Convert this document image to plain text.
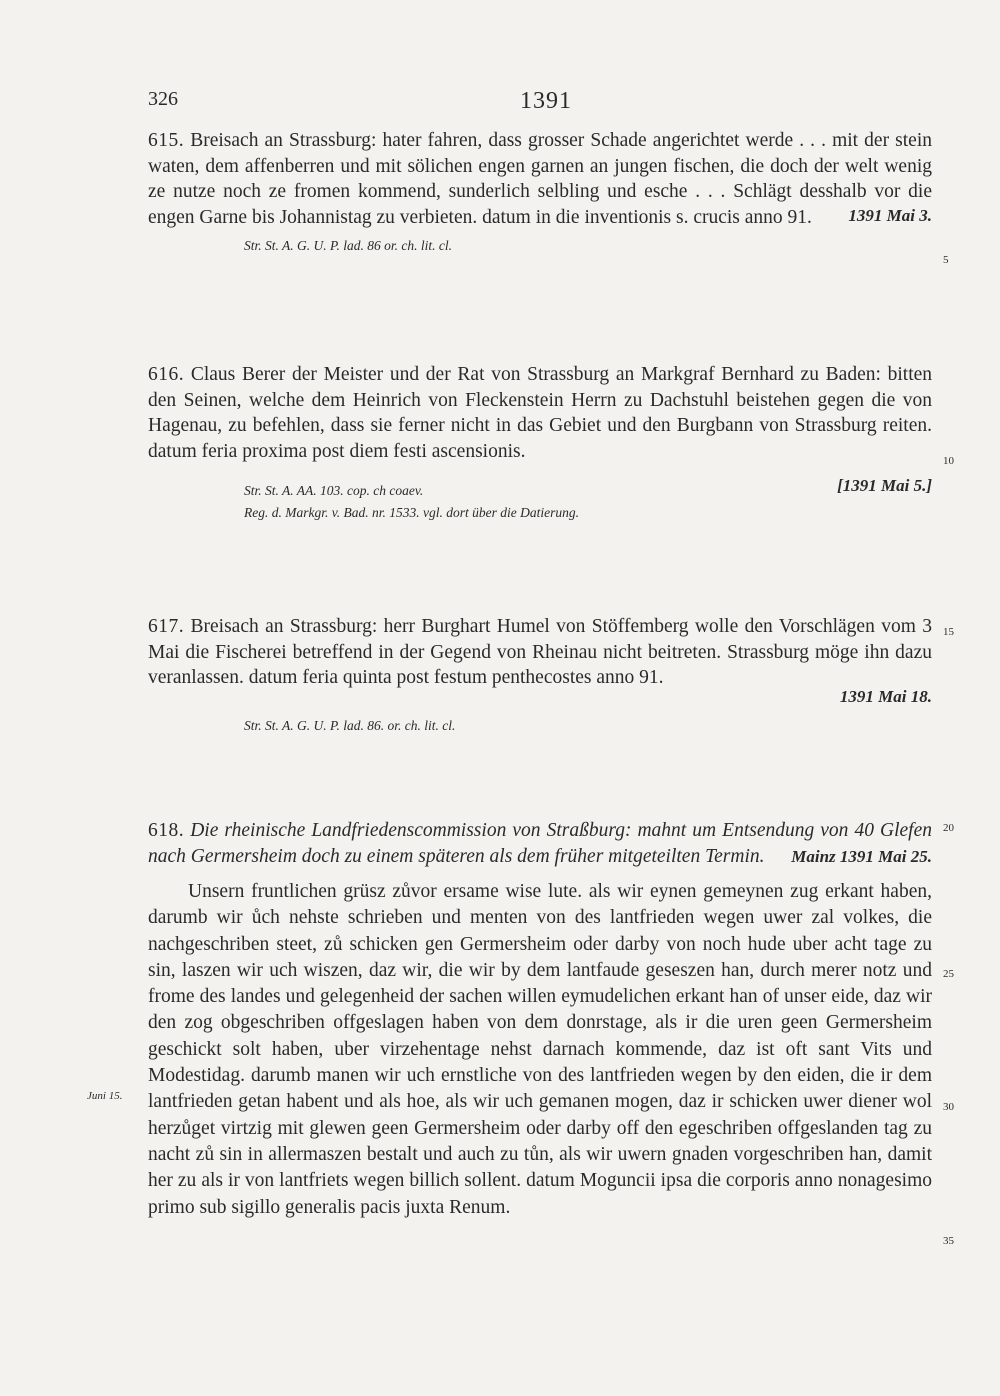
326	1391

615. Breisach an Strassburg: hater fahren, dass grosser Schade angerichtet werde . . . mit der stein waten, dem affenberren und mit sölichen engen garnen an jungen fischen, die doch der welt wenig ze nutze noch ze fromen kommend, sunderlich selbling und esche . . . Schlägt desshalb vor die engen Garne bis Johannistag zu verbieten. datum in die inventionis s. crucis anno 91.	1391 Mai 3.

Str. St. A. G. U. P. lad. 86 or. ch. lit. cl.

616. Claus Berer der Meister und der Rat von Strassburg an Markgraf Bernhard zu Baden: bitten den Seinen, welche dem Heinrich von Fleckenstein Herrn zu Dachstuhl beistehen gegen die von Hagenau, zu befehlen, dass sie ferner nicht in das Gebiet und den Burgbann von Strassburg reiten. datum feria proxima post diem festi ascensionis.

[1391 Mai 5.]

Str. St. A. AA. 103. cop. ch coaev.

Reg. d. Markgr. v. Bad. nr. 1533. vgl. dort über die Datierung.

617. Breisach an Strassburg: herr Burghart Humel von Stöffemberg wolle den Vorschlägen vom 3 Mai die Fischerei betreffend in der Gegend von Rheinau nicht beitreten. Strassburg möge ihn dazu veranlassen. datum feria quinta post festum penthecostes anno 91.

1391 Mai 18.

Str. St. A. G. U. P. lad. 86. or. ch. lit. cl.

618. Die rheinische Landfriedenscommission von Straßburg: mahnt um Entsendung von 40 Glefen nach Germersheim doch zu einem späteren als dem früher mitgeteilten Termin.	Mainz 1391 Mai 25.

Unsern fruntlichen grüsz zůvor ersame wise lute. als wir eynen gemeynen zug erkant haben, darumb wir ůch nehste schrieben und menten von des lantfrieden wegen uwer zal volkes, die nachgeschriben steet, zů schicken gen Germersheim oder darby von noch hude uber acht tage zu sin, laszen wir uch wiszen, daz wir, die wir by dem lantfaude geseszen han, durch merer notz und frome des landes und gelegenheid der sachen willen eymudelichen erkant han of unser eide, daz wir den zog obgeschriben offgeslagen haben von dem donrstage, als ir die uren geen Germersheim geschickt solt haben, uber virzehentage nehst darnach kommende, daz ist oft sant Vits und Modestidag. darumb manen wir uch ernstliche von des lantfrieden wegen by den eiden, die ir dem lantfrieden getan habent und als hoe, als wir uch gemanen mogen, daz ir schicken uwer diener wol herzůget virtzig mit glewen geen Germersheim oder darby off den egeschriben offgeslanden tag zu nacht zů sin in allermaszen bestalt und auch zu tůn, als wir uwern gnaden vorgeschriben han, damit her zu als ir von lantfriets wegen billich sollent. datum Moguncii ipsa die corporis anno nonagesimo primo sub sigillo generalis pacis juxta Renum.

5
10
15
20
25
30
35
Juni 15.
